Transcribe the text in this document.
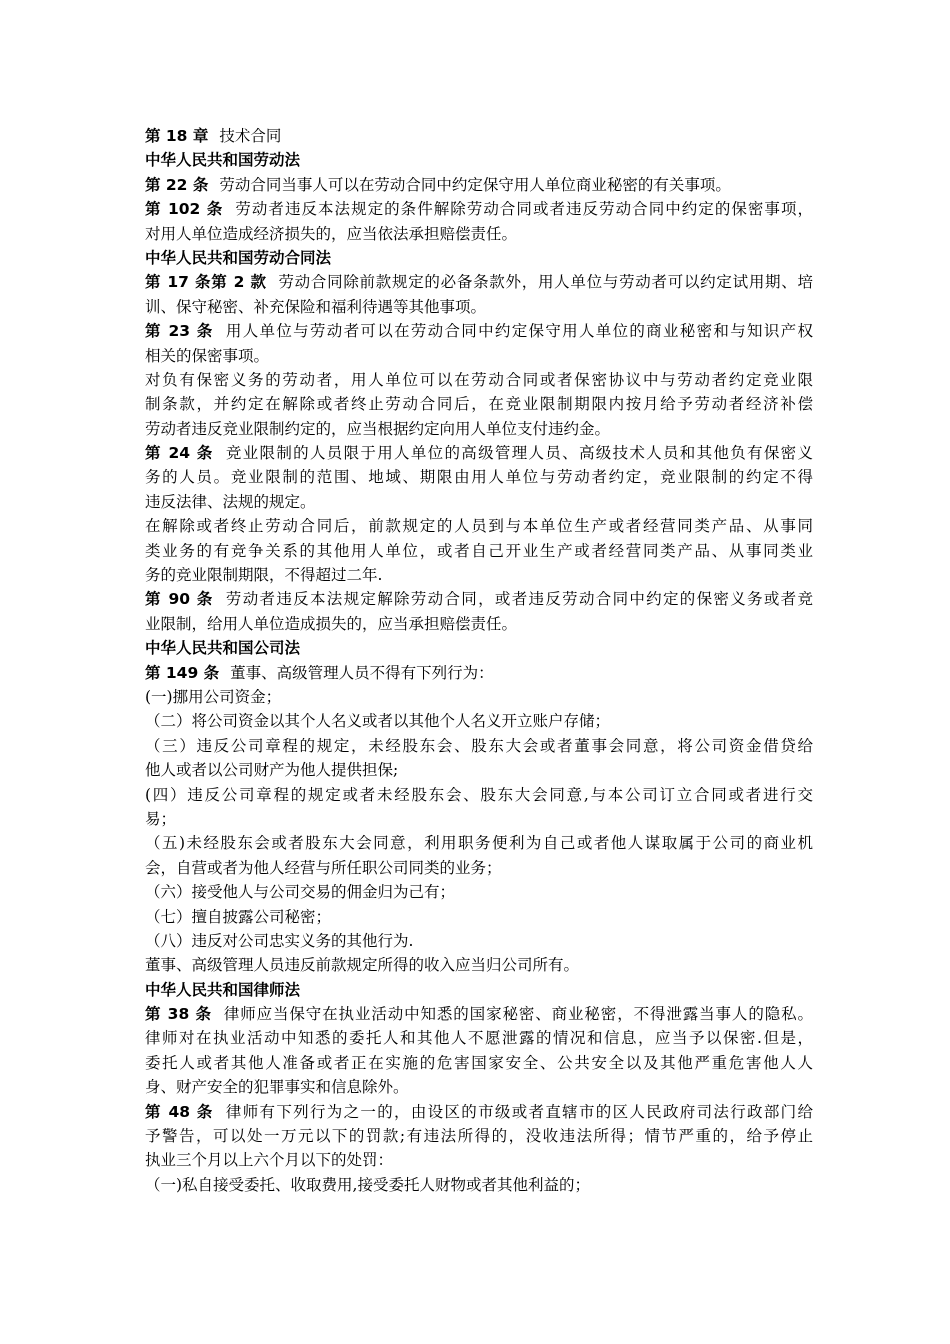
第 18 章　 技术合同
中华人民共和国劳动法
第 22 条　 劳动合同当事人可以在劳动合同中约定保守用人单位商业秘密的有关事项。
第 102 条　 劳动者违反本法规定的条件解除劳动合同或者违反劳动合同中约定的保密事项，
对用人单位造成经济损失的，应当依法承担赔偿责任。
中华人民共和国劳动合同法
第 17 条第 2 款　 劳动合同除前款规定的必备条款外，用人单位与劳动者可以约定试用期、培
训、保守秘密、补充保险和福利待遇等其他事项。
第 23 条　 用人单位与劳动者可以在劳动合同中约定保守用人单位的商业秘密和与知识产权
相关的保密事项。
对负有保密义务的劳动者，用人单位可以在劳动合同或者保密协议中与劳动者约定竞业限
制条款，并约定在解除或者终止劳动合同后，在竞业限制期限内按月给予劳动者经济补偿
劳动者违反竞业限制约定的，应当根据约定向用人单位支付违约金。
第 24 条　 竞业限制的人员限于用人单位的高级管理人员、高级技术人员和其他负有保密义
务的人员。竞业限制的范围、地域、期限由用人单位与劳动者约定，竞业限制的约定不得
违反法律、法规的规定。
在解除或者终止劳动合同后，前款规定的人员到与本单位生产或者经营同类产品、从事同
类业务的有竞争关系的其他用人单位，或者自己开业生产或者经营同类产品、从事同类业
务的竞业限制期限，不得超过二年.
第 90 条　 劳动者违反本法规定解除劳动合同，或者违反劳动合同中约定的保密义务或者竞
业限制，给用人单位造成损失的，应当承担赔偿责任。
中华人民共和国公司法
第 149 条　 董事、高级管理人员不得有下列行为：
(一)挪用公司资金；
（二）将公司资金以其个人名义或者以其他个人名义开立账户存储；
（三）违反公司章程的规定，未经股东会、股东大会或者董事会同意，将公司资金借贷给
他人或者以公司财产为他人提供担保;
(四）违反公司章程的规定或者未经股东会、股东大会同意,与本公司订立合同或者进行交
易；
（五)未经股东会或者股东大会同意，利用职务便利为自己或者他人谋取属于公司的商业机
会，自营或者为他人经营与所任职公司同类的业务；
（六）接受他人与公司交易的佣金归为己有；
（七）擅自披露公司秘密；
（八）违反对公司忠实义务的其他行为.
董事、高级管理人员违反前款规定所得的收入应当归公司所有。
中华人民共和国律师法
第 38 条　 律师应当保守在执业活动中知悉的国家秘密、商业秘密，不得泄露当事人的隐私。
律师对在执业活动中知悉的委托人和其他人不愿泄露的情况和信息，应当予以保密.但是，
委托人或者其他人准备或者正在实施的危害国家安全、公共安全以及其他严重危害他人人
身、财产安全的犯罪事实和信息除外。
第 48 条　 律师有下列行为之一的，由设区的市级或者直辖市的区人民政府司法行政部门给
予警告，可以处一万元以下的罚款;有违法所得的，没收违法所得；情节严重的，给予停止
执业三个月以上六个月以下的处罚：
（一)私自接受委托、收取费用,接受委托人财物或者其他利益的；
